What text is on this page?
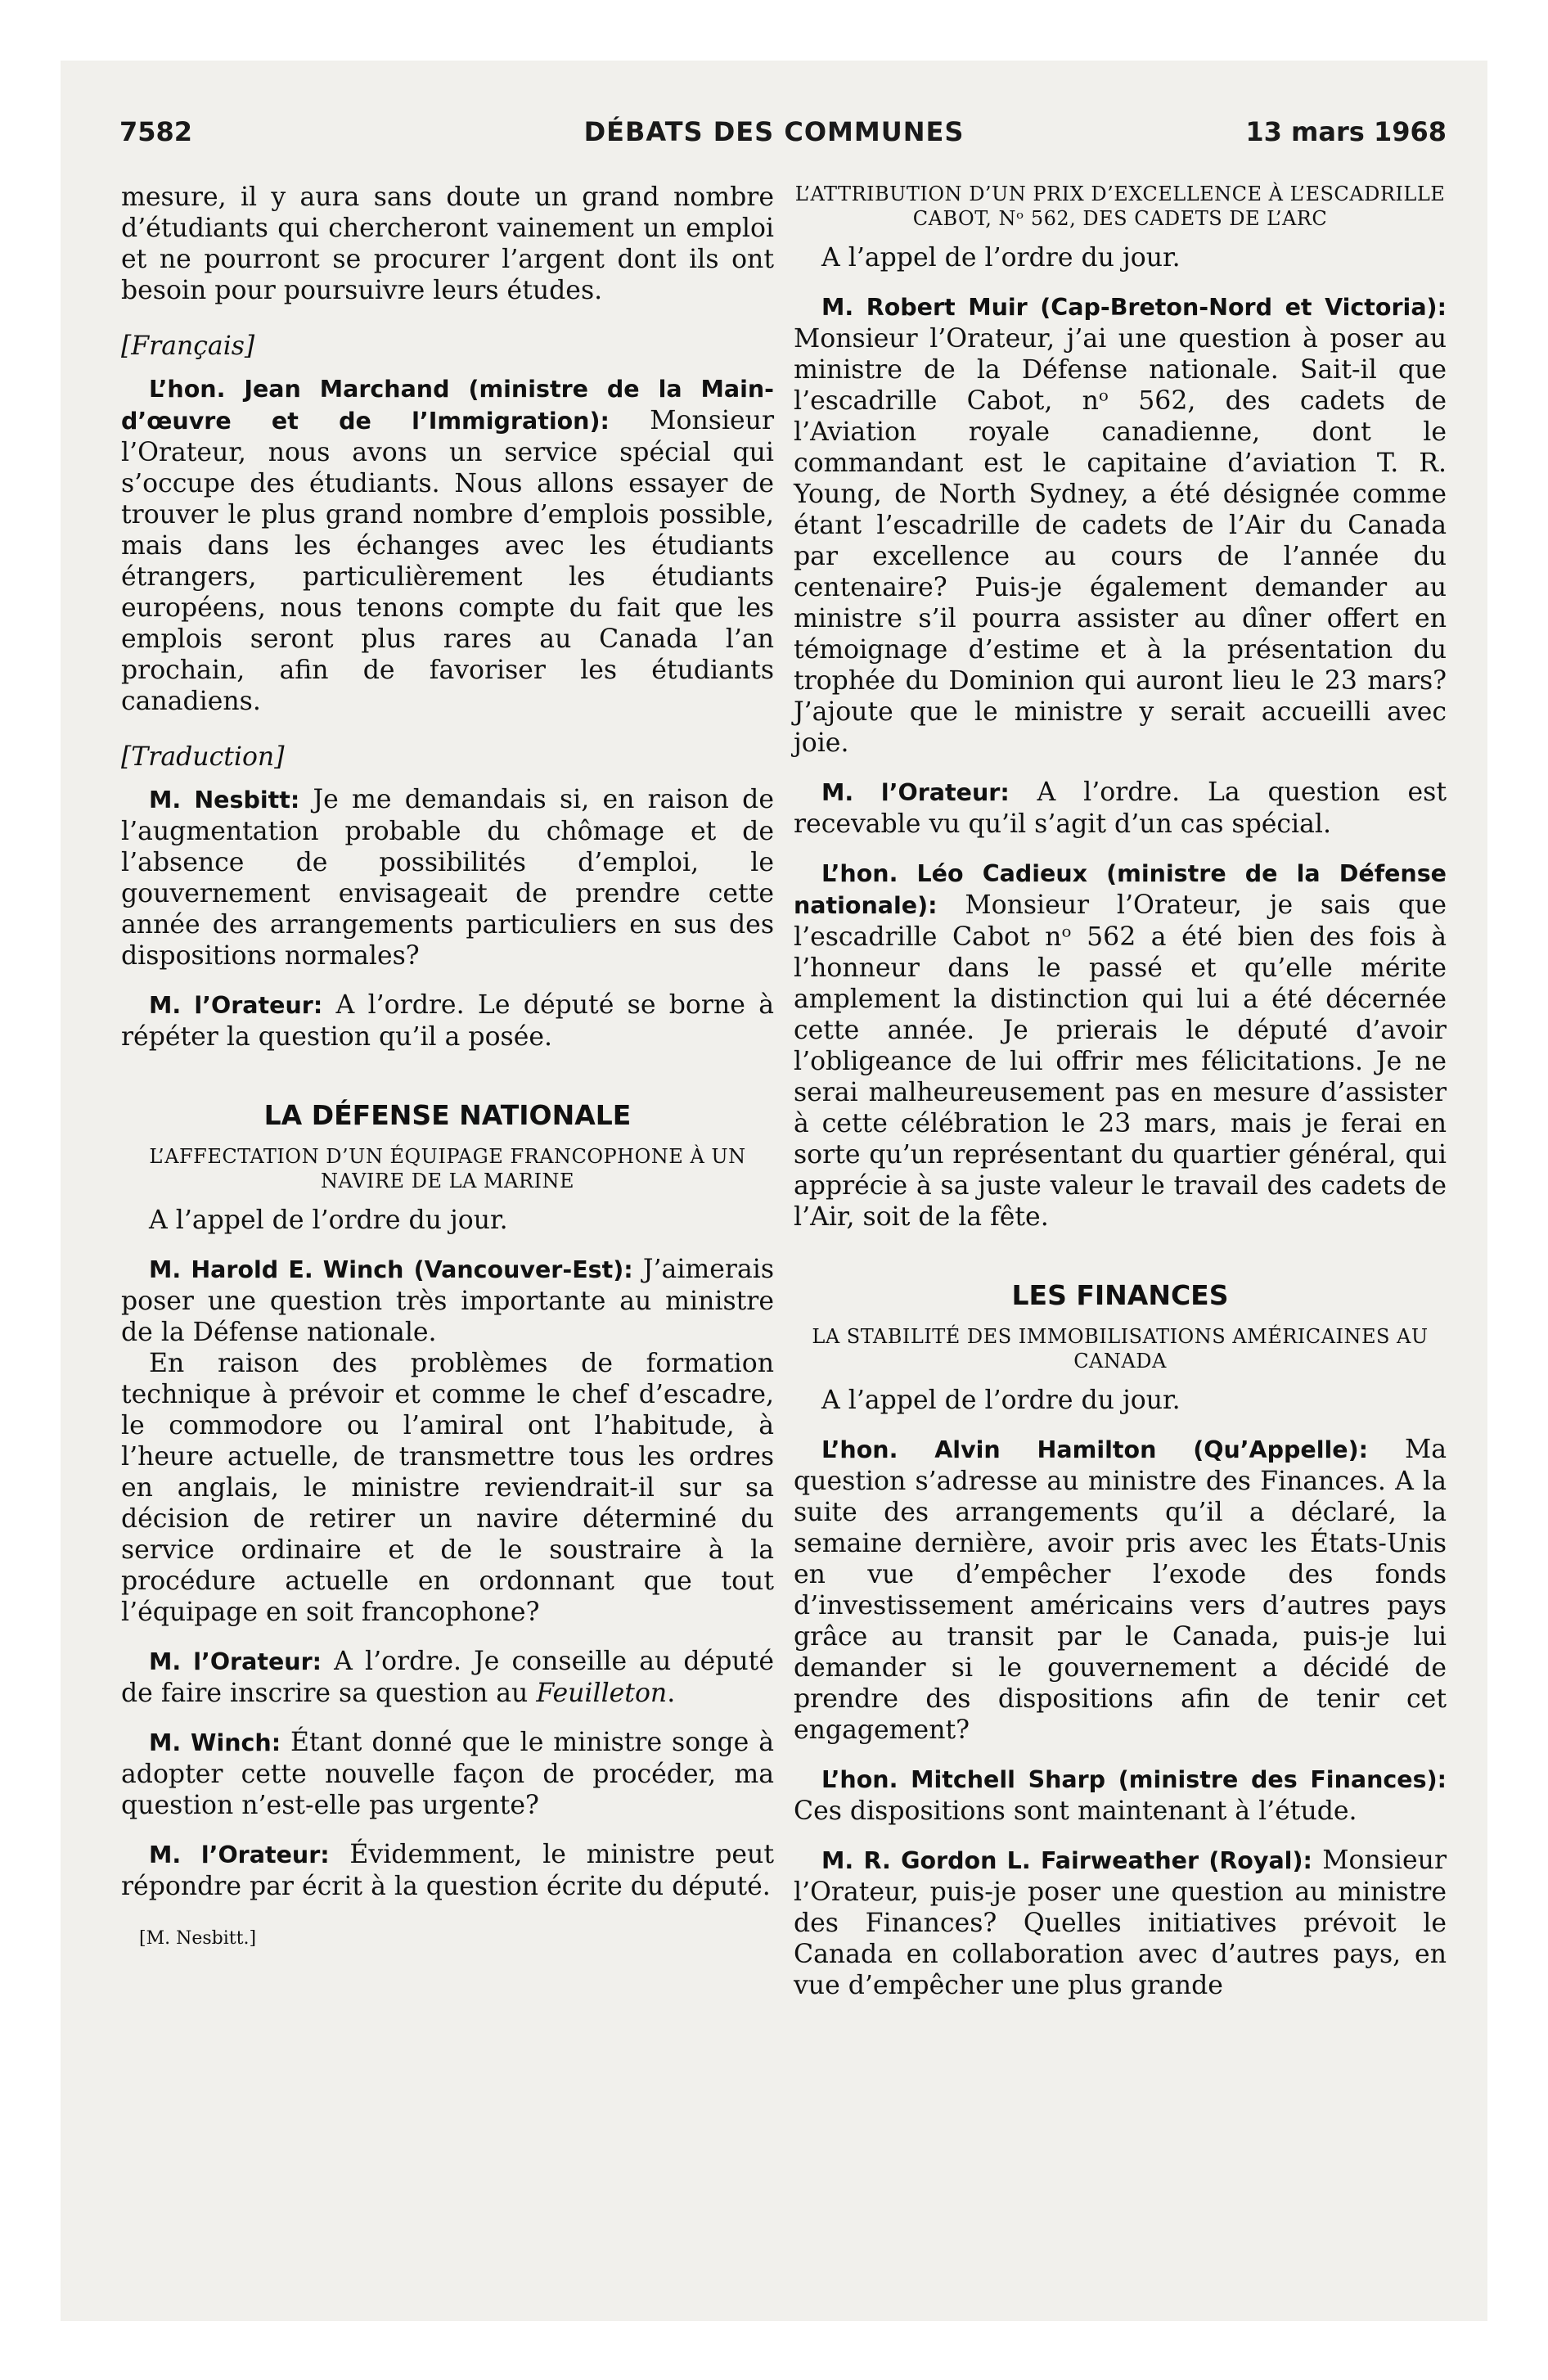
7582	DÉBATS DES COMMUNES	13 mars 1968

mesure, il y aura sans doute un grand nombre d’étudiants qui chercheront vainement un emploi et ne pourront se procurer l’argent dont ils ont besoin pour poursuivre leurs études.

[Français]

L’hon. Jean Marchand (ministre de la Main-d’œuvre et de l’Immigration): Monsieur l’Orateur, nous avons un service spécial qui s’occupe des étudiants. Nous allons essayer de trouver le plus grand nombre d’emplois possible, mais dans les échanges avec les étudiants étrangers, particulièrement les étudiants européens, nous tenons compte du fait que les emplois seront plus rares au Canada l’an prochain, afin de favoriser les étudiants canadiens.

[Traduction]

M. Nesbitt: Je me demandais si, en raison de l’augmentation probable du chômage et de l’absence de possibilités d’emploi, le gouvernement envisageait de prendre cette année des arrangements particuliers en sus des dispositions normales?

M. l’Orateur: A l’ordre. Le député se borne à répéter la question qu’il a posée.

LA DÉFENSE NATIONALE
L’AFFECTATION D’UN ÉQUIPAGE FRANCOPHONE À UN NAVIRE DE LA MARINE

A l’appel de l’ordre du jour.

M. Harold E. Winch (Vancouver-Est): J’aimerais poser une question très importante au ministre de la Défense nationale.

En raison des problèmes de formation technique à prévoir et comme le chef d’escadre, le commodore ou l’amiral ont l’habitude, à l’heure actuelle, de transmettre tous les ordres en anglais, le ministre reviendrait-il sur sa décision de retirer un navire déterminé du service ordinaire et de le soustraire à la procédure actuelle en ordonnant que tout l’équipage en soit francophone?

M. l’Orateur: A l’ordre. Je conseille au député de faire inscrire sa question au Feuilleton.

M. Winch: Étant donné que le ministre songe à adopter cette nouvelle façon de procéder, ma question n’est-elle pas urgente?

M. l’Orateur: Évidemment, le ministre peut répondre par écrit à la question écrite du député.

[M. Nesbitt.]
L’ATTRIBUTION D’UN PRIX D’EXCELLENCE À L’ESCADRILLE CABOT, Nᵒ 562, DES CADETS DE L’ARC

A l’appel de l’ordre du jour.

M. Robert Muir (Cap-Breton-Nord et Victoria): Monsieur l’Orateur, j’ai une question à poser au ministre de la Défense nationale. Sait-il que l’escadrille Cabot, nᵒ 562, des cadets de l’Aviation royale canadienne, dont le commandant est le capitaine d’aviation T. R. Young, de North Sydney, a été désignée comme étant l’escadrille de cadets de l’Air du Canada par excellence au cours de l’année du centenaire? Puis-je également demander au ministre s’il pourra assister au dîner offert en témoignage d’estime et à la présentation du trophée du Dominion qui auront lieu le 23 mars? J’ajoute que le ministre y serait accueilli avec joie.

M. l’Orateur: A l’ordre. La question est recevable vu qu’il s’agit d’un cas spécial.

L’hon. Léo Cadieux (ministre de la Défense nationale): Monsieur l’Orateur, je sais que l’escadrille Cabot nᵒ 562 a été bien des fois à l’honneur dans le passé et qu’elle mérite amplement la distinction qui lui a été décernée cette année. Je prierais le député d’avoir l’obligeance de lui offrir mes félicitations. Je ne serai malheureusement pas en mesure d’assister à cette célébration le 23 mars, mais je ferai en sorte qu’un représentant du quartier général, qui apprécie à sa juste valeur le travail des cadets de l’Air, soit de la fête.

LES FINANCES
LA STABILITÉ DES IMMOBILISATIONS AMÉRICAINES AU CANADA

A l’appel de l’ordre du jour.

L’hon. Alvin Hamilton (Qu’Appelle): Ma question s’adresse au ministre des Finances. A la suite des arrangements qu’il a déclaré, la semaine dernière, avoir pris avec les États-Unis en vue d’empêcher l’exode des fonds d’investissement américains vers d’autres pays grâce au transit par le Canada, puis-je lui demander si le gouvernement a décidé de prendre des dispositions afin de tenir cet engagement?

L’hon. Mitchell Sharp (ministre des Finances): Ces dispositions sont maintenant à l’étude.

M. R. Gordon L. Fairweather (Royal): Monsieur l’Orateur, puis-je poser une question au ministre des Finances? Quelles initiatives prévoit le Canada en collaboration avec d’autres pays, en vue d’empêcher une plus grande
